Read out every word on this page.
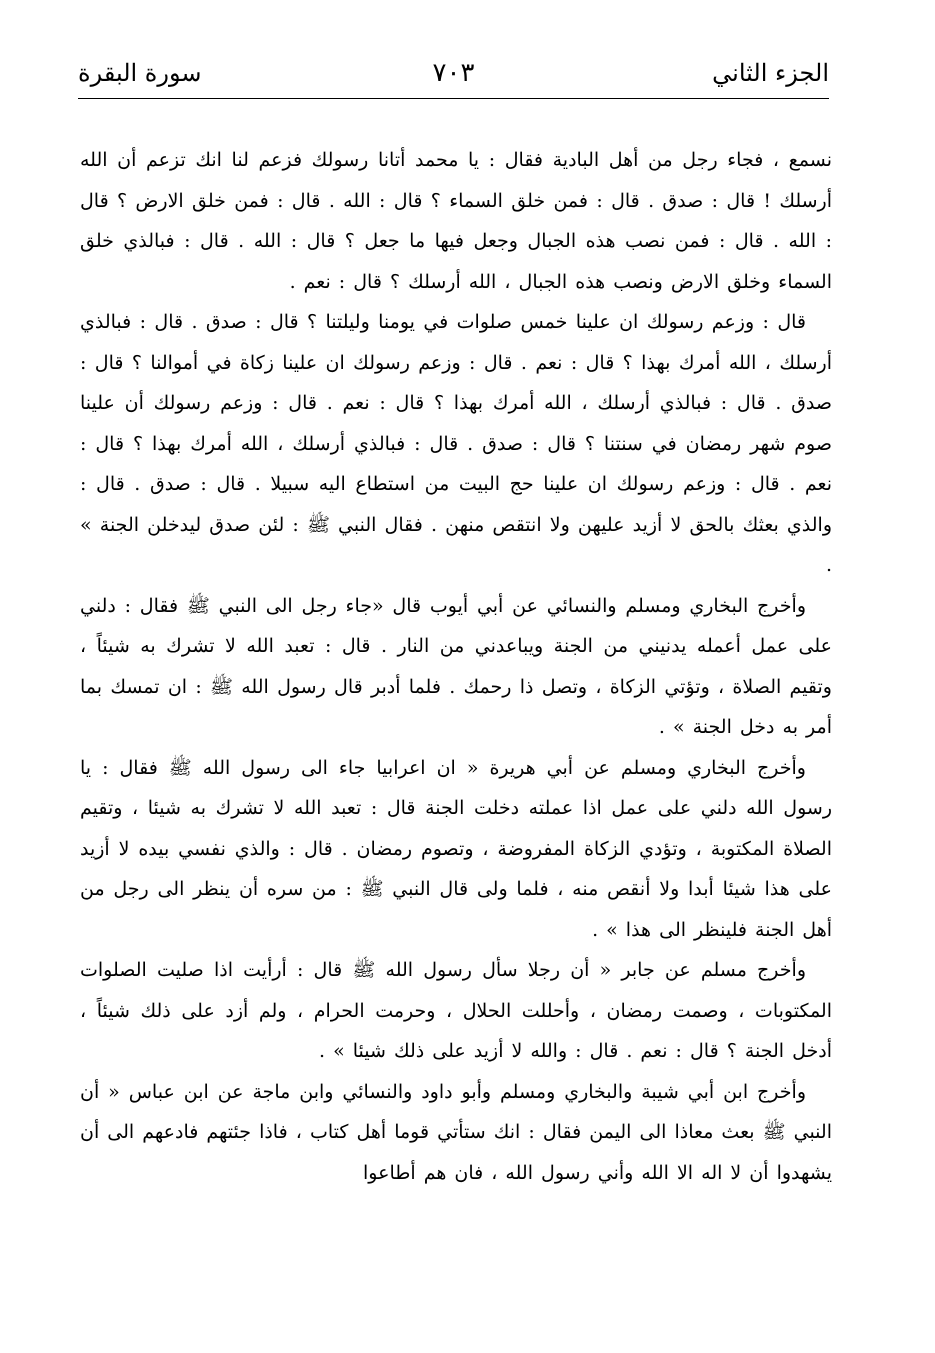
الجزء الثاني
٧٠٣
سورة البقرة

نسمع ، فجاء رجل من أهل البادية فقال : يا محمد أتانا رسولك فزعم لنا انك تزعم أن الله أرسلك ! قال : صدق . قال : فمن خلق السماء ؟ قال : الله . قال : فمن خلق الارض ؟ قال : الله . قال : فمن نصب هذه الجبال وجعل فيها ما جعل ؟ قال : الله . قال : فبالذي خلق السماء وخلق الارض ونصب هذه الجبال ، الله أرسلك ؟ قال : نعم .

قال : وزعم رسولك ان علينا خمس صلوات في يومنا وليلتنا ؟ قال : صدق . قال : فبالذي أرسلك ، الله أمرك بهذا ؟ قال : نعم . قال : وزعم رسولك ان علينا زكاة في أموالنا ؟ قال : صدق . قال : فبالذي أرسلك ، الله أمرك بهذا ؟ قال : نعم . قال : وزعم رسولك أن علينا صوم شهر رمضان في سنتنا ؟ قال : صدق . قال : فبالذي أرسلك ، الله أمرك بهذا ؟ قال : نعم . قال : وزعم رسولك ان علينا حج البيت من استطاع اليه سبيلا . قال : صدق . قال : والذي بعثك بالحق لا أزيد عليهن ولا انتقص منهن . فقال النبي ﷺ : لئن صدق ليدخلن الجنة » .

وأخرج البخاري ومسلم والنسائي عن أبي أيوب قال «جاء رجل الى النبي ﷺ فقال : دلني على عمل أعمله يدنيني من الجنة ويباعدني من النار . قال : تعبد الله لا تشرك به شيئاً ، وتقيم الصلاة ، وتؤتي الزكاة ، وتصل ذا رحمك . فلما أدبر قال رسول الله ﷺ : ان تمسك بما أمر به دخل الجنة » .

وأخرج البخاري ومسلم عن أبي هريرة « ان اعرابيا جاء الى رسول الله ﷺ فقال : يا رسول الله دلني على عمل اذا عملته دخلت الجنة قال : تعبد الله لا تشرك به شيئا ، وتقيم الصلاة المكتوبة ، وتؤدي الزكاة المفروضة ، وتصوم رمضان . قال : والذي نفسي بيده لا أزيد على هذا شيئا أبدا ولا أنقص منه ، فلما ولى قال النبي ﷺ : من سره أن ينظر الى رجل من أهل الجنة فلينظر الى هذا » .

وأخرج مسلم عن جابر « أن رجلا سأل رسول الله ﷺ قال : أرأيت اذا صليت الصلوات المكتوبات ، وصمت رمضان ، وأحللت الحلال ، وحرمت الحرام ، ولم أزد على ذلك شيئاً ، أدخل الجنة ؟ قال : نعم . قال : والله لا أزيد على ذلك شيئا » .

وأخرج ابن أبي شيبة والبخاري ومسلم وأبو داود والنسائي وابن ماجة عن ابن عباس « أن النبي ﷺ بعث معاذا الى اليمن فقال : انك ستأتي قوما أهل كتاب ، فاذا جئتهم فادعهم الى أن يشهدوا أن لا اله الا الله وأني رسول الله ، فان هم أطاعوا
